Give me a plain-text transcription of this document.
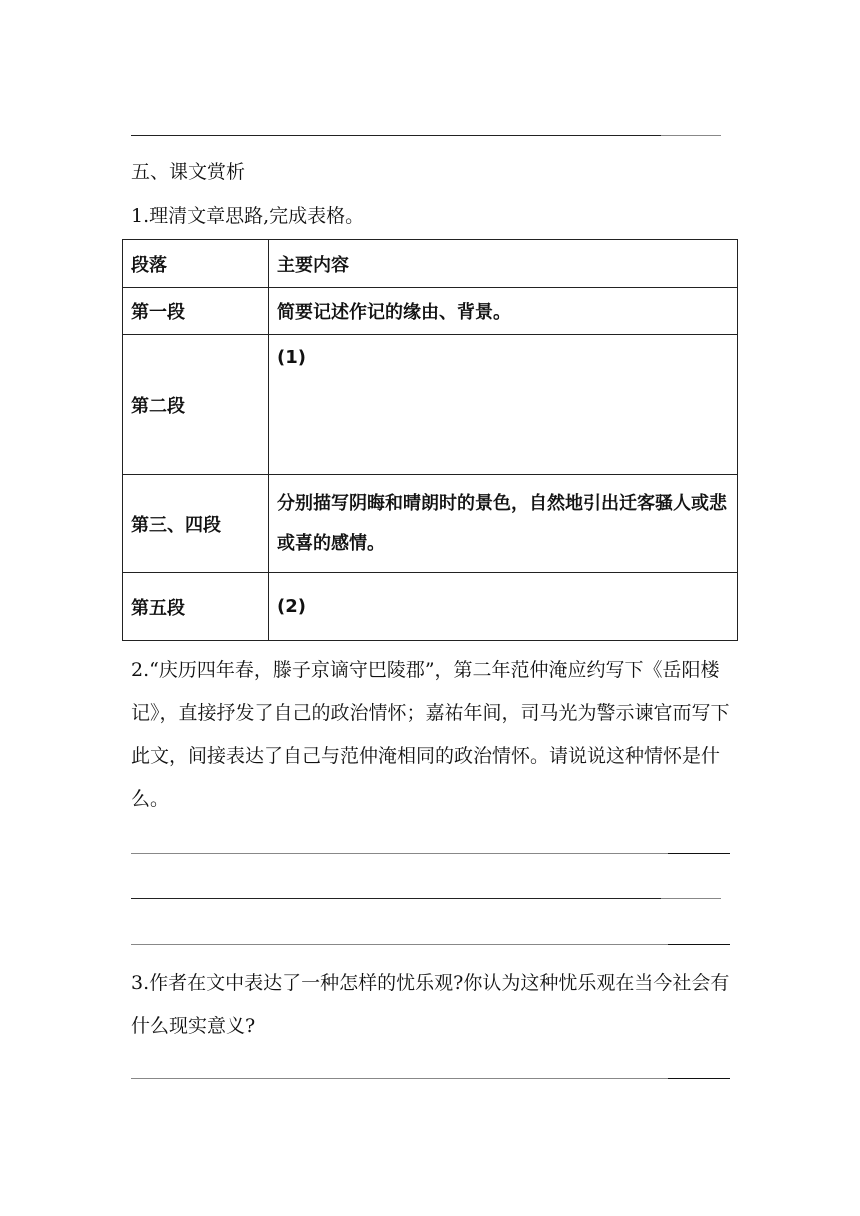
五、课文赏析
1.理清文章思路,完成表格。
段落	主要内容
第一段	简要记述作记的缘由、背景。
第二段	(1)
第三、四段	分别描写阴晦和晴朗时的景色，自然地引出迁客骚人或悲或喜的感情。
第五段	(2)
2.“庆历四年春，滕子京谪守巴陵郡”，第二年范仲淹应约写下《岳阳楼记》，直接抒发了自己的政治情怀；嘉祐年间，司马光为警示谏官而写下此文，间接表达了自己与范仲淹相同的政治情怀。请说说这种情怀是什么。
3.作者在文中表达了一种怎样的忧乐观?你认为这种忧乐观在当今社会有什么现实意义?
